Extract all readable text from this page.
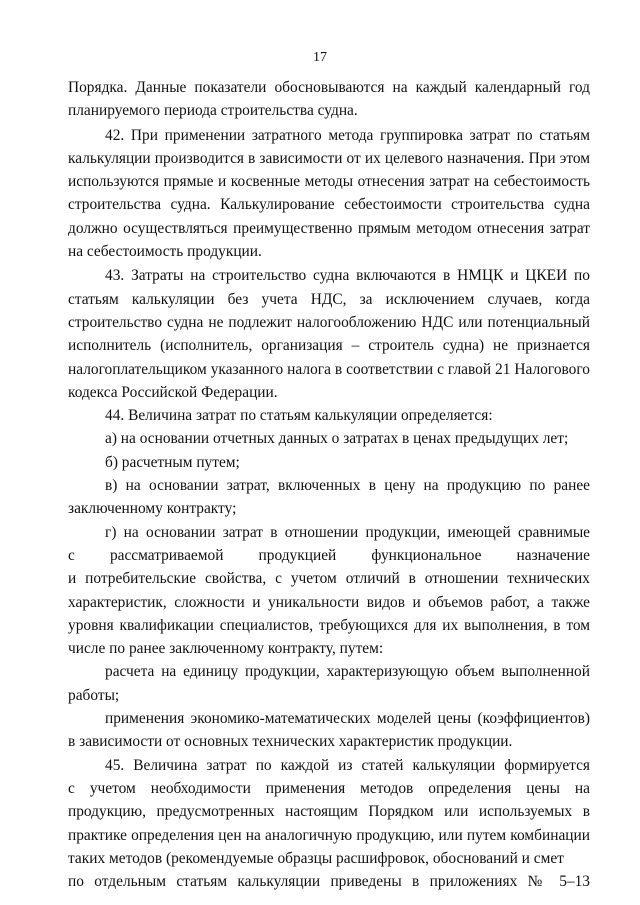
17

Порядка. Данные показатели обосновываются на каждый календарный год планируемого периода строительства судна.

42. При применении затратного метода группировка затрат по статьям калькуляции производится в зависимости от их целевого назначения. При этом используются прямые и косвенные методы отнесения затрат на себестоимость строительства судна. Калькулирование себестоимости строительства судна должно осуществляться преимущественно прямым методом отнесения затрат на себестоимость продукции.

43. Затраты на строительство судна включаются в НМЦК и ЦКЕИ по статьям калькуляции без учета НДС, за исключением случаев, когда строительство судна не подлежит налогообложению НДС или потенциальный исполнитель (исполнитель, организация – строитель судна) не признается налогоплательщиком указанного налога в соответствии с главой 21 Налогового кодекса Российской Федерации.

44. Величина затрат по статьям калькуляции определяется:

а) на основании отчетных данных о затратах в ценах предыдущих лет;

б) расчетным путем;

в) на основании затрат, включенных в цену на продукцию по ранее заключенному контракту;

г) на основании затрат в отношении продукции, имеющей сравнимые

с рассматриваемой продукцией функциональное назначение

и потребительские свойства, с учетом отличий в отношении технических характеристик, сложности и уникальности видов и объемов работ, а также уровня квалификации специалистов, требующихся для их выполнения, в том числе по ранее заключенному контракту, путем:

расчета на единицу продукции, характеризующую объем выполненной работы;

применения экономико-математических моделей цены (коэффициентов) в зависимости от основных технических характеристик продукции.

45. Величина затрат по каждой из статей калькуляции формируется

с учетом необходимости применения методов определения цены на продукцию, предусмотренных настоящим Порядком или используемых в практике определения цен на аналогичную продукцию, или путем комбинации таких методов (рекомендуемые образцы расшифровок, обоснований и смет

по отдельным статьям калькуляции приведены в приложениях № 5–13
